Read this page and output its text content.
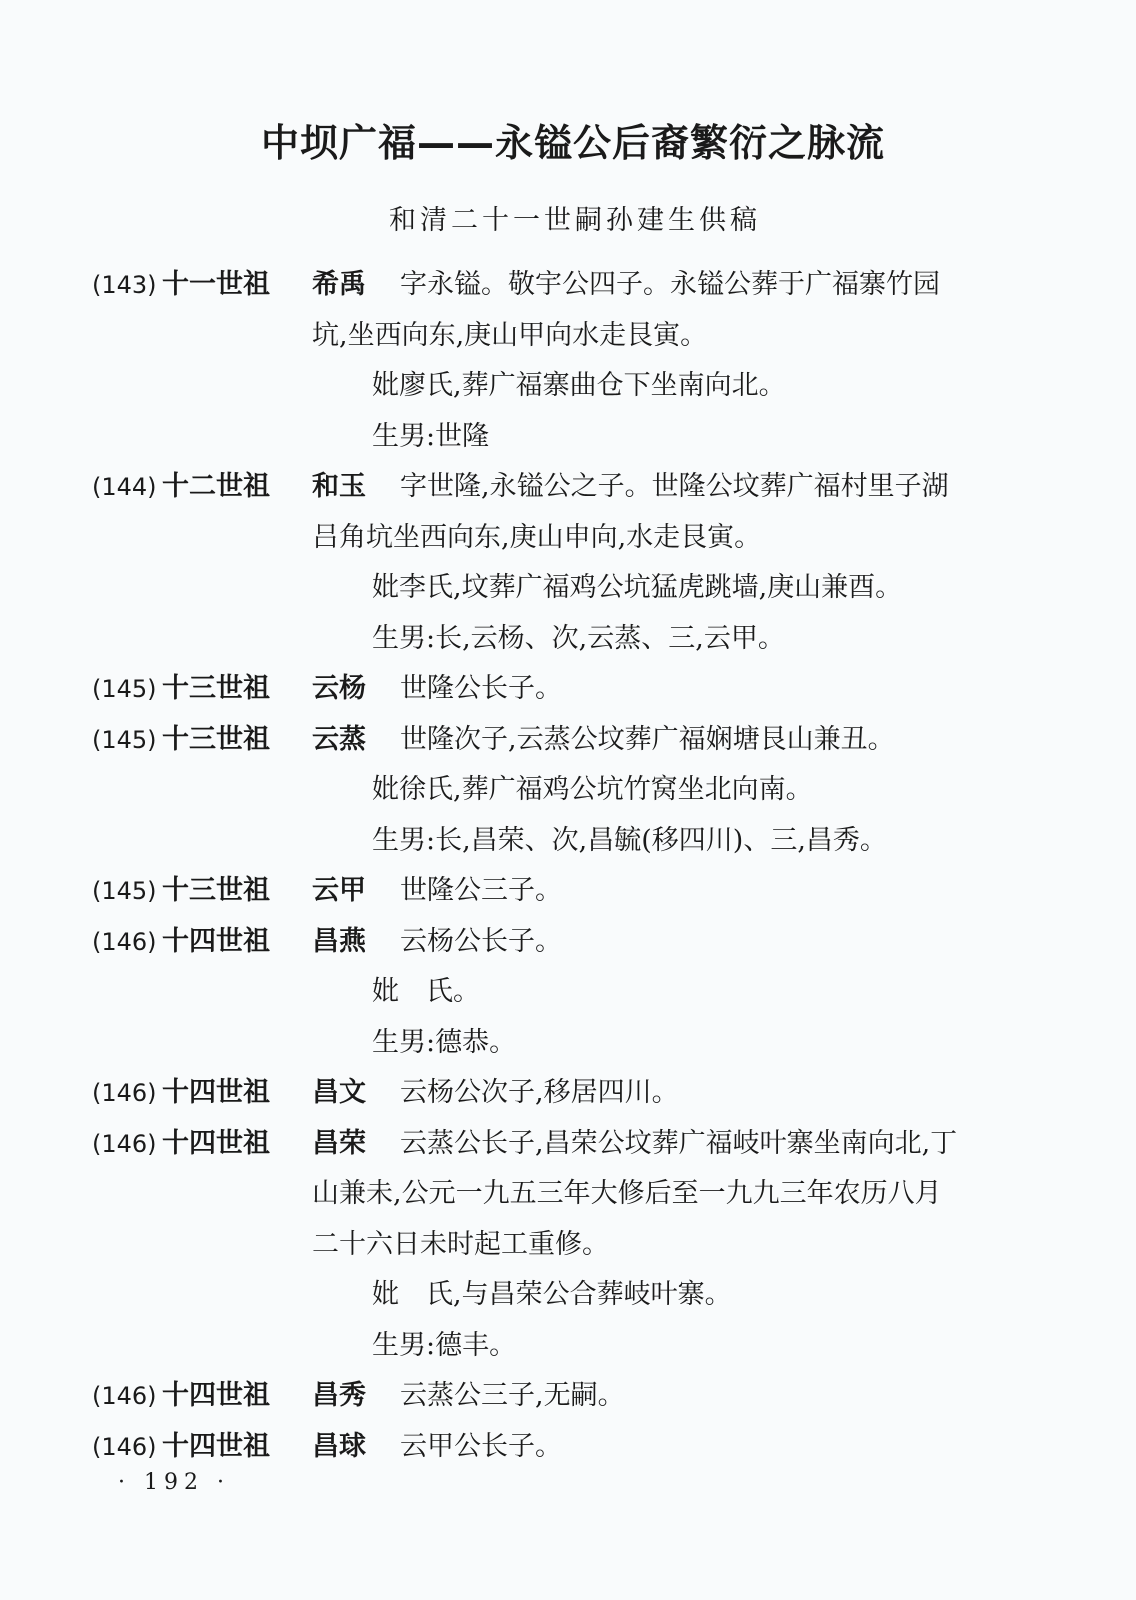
中坝广福——永镒公后裔繁衍之脉流
和清二十一世嗣孙建生供稿
(143) 十一世祖 希禹 字永镒。敬宇公四子。永镒公葬于广福寨竹园
坑,坐西向东,庚山甲向水走艮寅。
妣廖氏,葬广福寨曲仓下坐南向北。
生男:世隆
(144) 十二世祖 和玉 字世隆,永镒公之子。世隆公坟葬广福村里子湖
吕角坑坐西向东,庚山申向,水走艮寅。
妣李氏,坟葬广福鸡公坑猛虎跳墙,庚山兼酉。
生男:长,云杨、次,云蒸、三,云甲。
(145) 十三世祖 云杨 世隆公长子。
(145) 十三世祖 云蒸 世隆次子,云蒸公坟葬广福娴塘艮山兼丑。
妣徐氏,葬广福鸡公坑竹窝坐北向南。
生男:长,昌荣、次,昌毓(移四川)、三,昌秀。
(145) 十三世祖 云甲 世隆公三子。
(146) 十四世祖 昌燕 云杨公长子。
妣　氏。
生男:德恭。
(146) 十四世祖 昌文 云杨公次子,移居四川。
(146) 十四世祖 昌荣 云蒸公长子,昌荣公坟葬广福岐叶寨坐南向北,丁
山兼未,公元一九五三年大修后至一九九三年农历八月
二十六日未时起工重修。
妣　氏,与昌荣公合葬岐叶寨。
生男:德丰。
(146) 十四世祖 昌秀 云蒸公三子,无嗣。
(146) 十四世祖 昌球 云甲公长子。
· 192 ·
